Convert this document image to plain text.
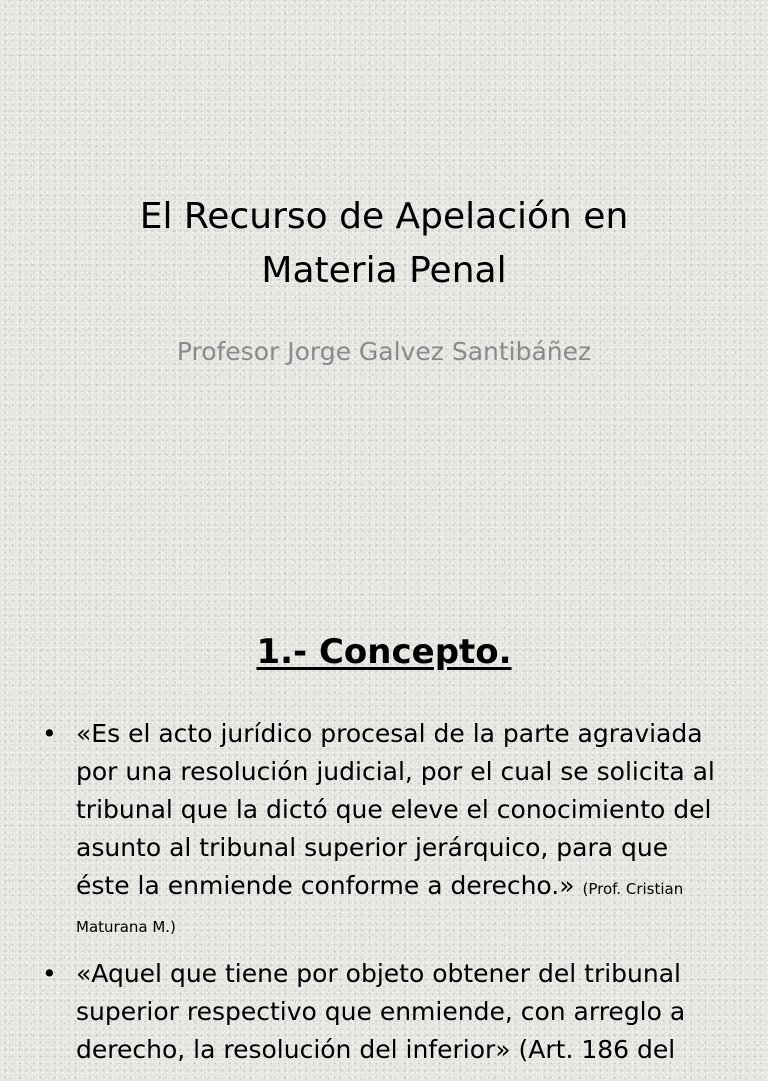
El Recurso de Apelación en
Materia Penal

Profesor Jorge Galvez Santibáñez

1.- Concepto.
• «Es el acto jurídico procesal de la parte agraviada por una resolución judicial, por el cual se solicita al tribunal que la dictó que eleve el conocimiento del asunto al tribunal superior jerárquico, para que éste la enmiende conforme a derecho.» (Prof. Cristian Maturana M.)
• «Aquel que tiene por objeto obtener del tribunal superior respectivo que enmiende, con arreglo a derecho, la resolución del inferior» (Art. 186 del
